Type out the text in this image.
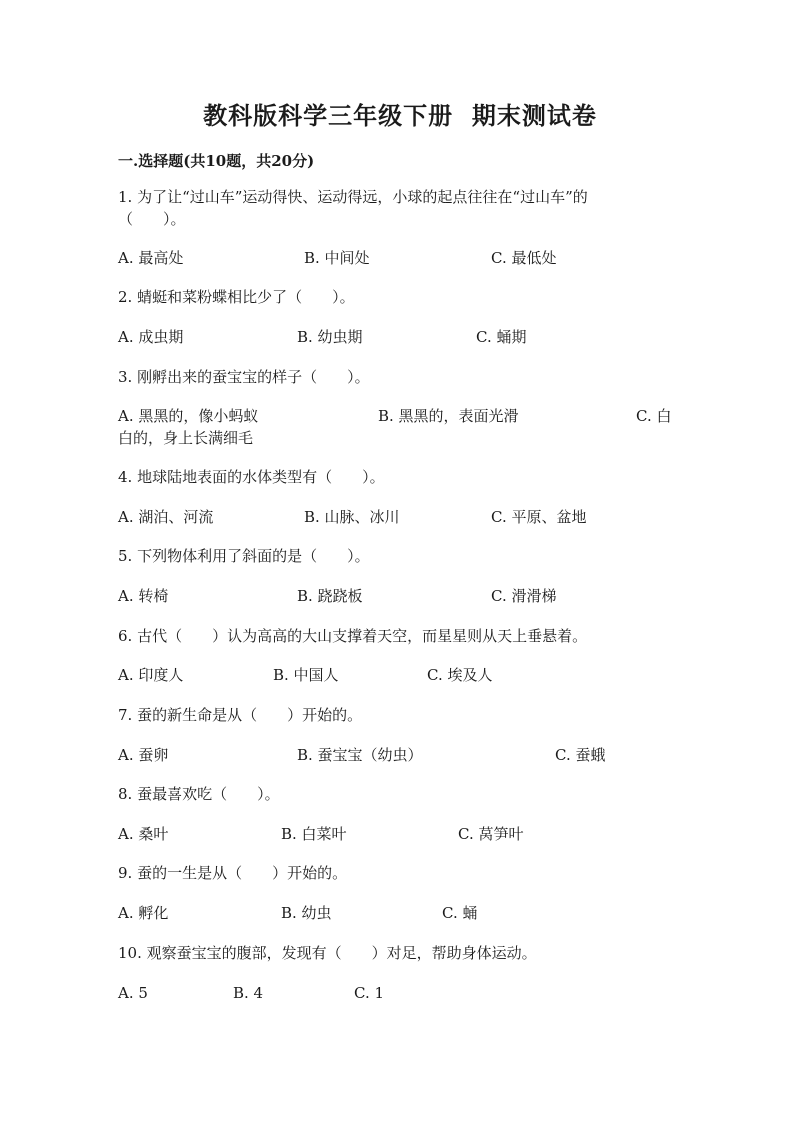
教科版科学三年级下册  期末测试卷
一.选择题(共10题，共20分)
1. 为了让“过山车”运动得快、运动得远，小球的起点往往在“过山车”的
（　　）。
A. 最高处	B. 中间处	C. 最低处
2. 蜻蜓和菜粉蝶相比少了（　　）。
A. 成虫期	B. 幼虫期	C. 蛹期
3. 刚孵出来的蚕宝宝的样子（　　）。
A. 黑黑的，像小蚂蚁	B. 黑黑的，表面光滑	C. 白
白的，身上长满细毛
4. 地球陆地表面的水体类型有（　　）。
A. 湖泊、河流	B. 山脉、冰川	C. 平原、盆地
5. 下列物体利用了斜面的是（　　）。
A. 转椅	B. 跷跷板	C. 滑滑梯
6. 古代（　　）认为高高的大山支撑着天空，而星星则从天上垂悬着。
A. 印度人	B. 中国人	C. 埃及人
7. 蚕的新生命是从（　　）开始的。
A. 蚕卵	B. 蚕宝宝（幼虫）	C. 蚕蛾
8. 蚕最喜欢吃（　　）。
A. 桑叶	B. 白菜叶	C. 莴笋叶
9. 蚕的一生是从（　　）开始的。
A. 孵化	B. 幼虫	C. 蛹
10. 观察蚕宝宝的腹部，发现有（　　）对足，帮助身体运动。
A. 5	B. 4	C. 1
